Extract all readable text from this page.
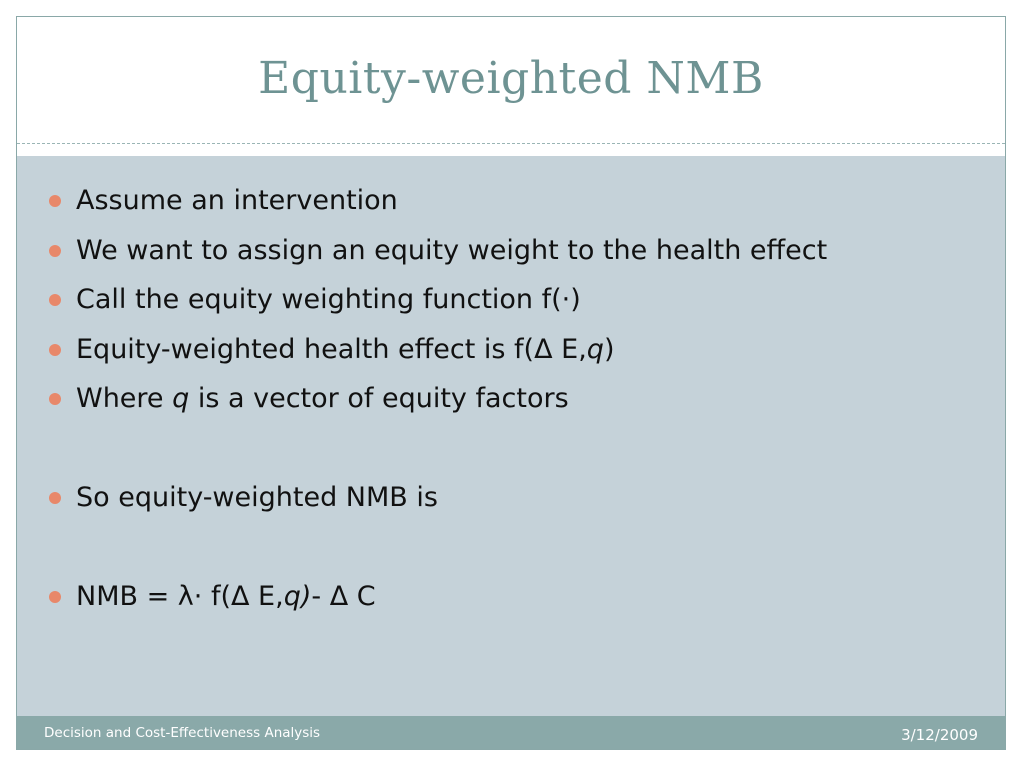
Equity-weighted NMB
Assume an intervention
We want to assign an equity weight to the health effect
Call the equity weighting function f(·)
Equity-weighted health effect is f(Δ E,q)
Where q is a vector of equity factors
So equity-weighted NMB is
NMB = λ· f(Δ E,q)- Δ C
Decision and Cost-Effectiveness Analysis	3/12/2009
